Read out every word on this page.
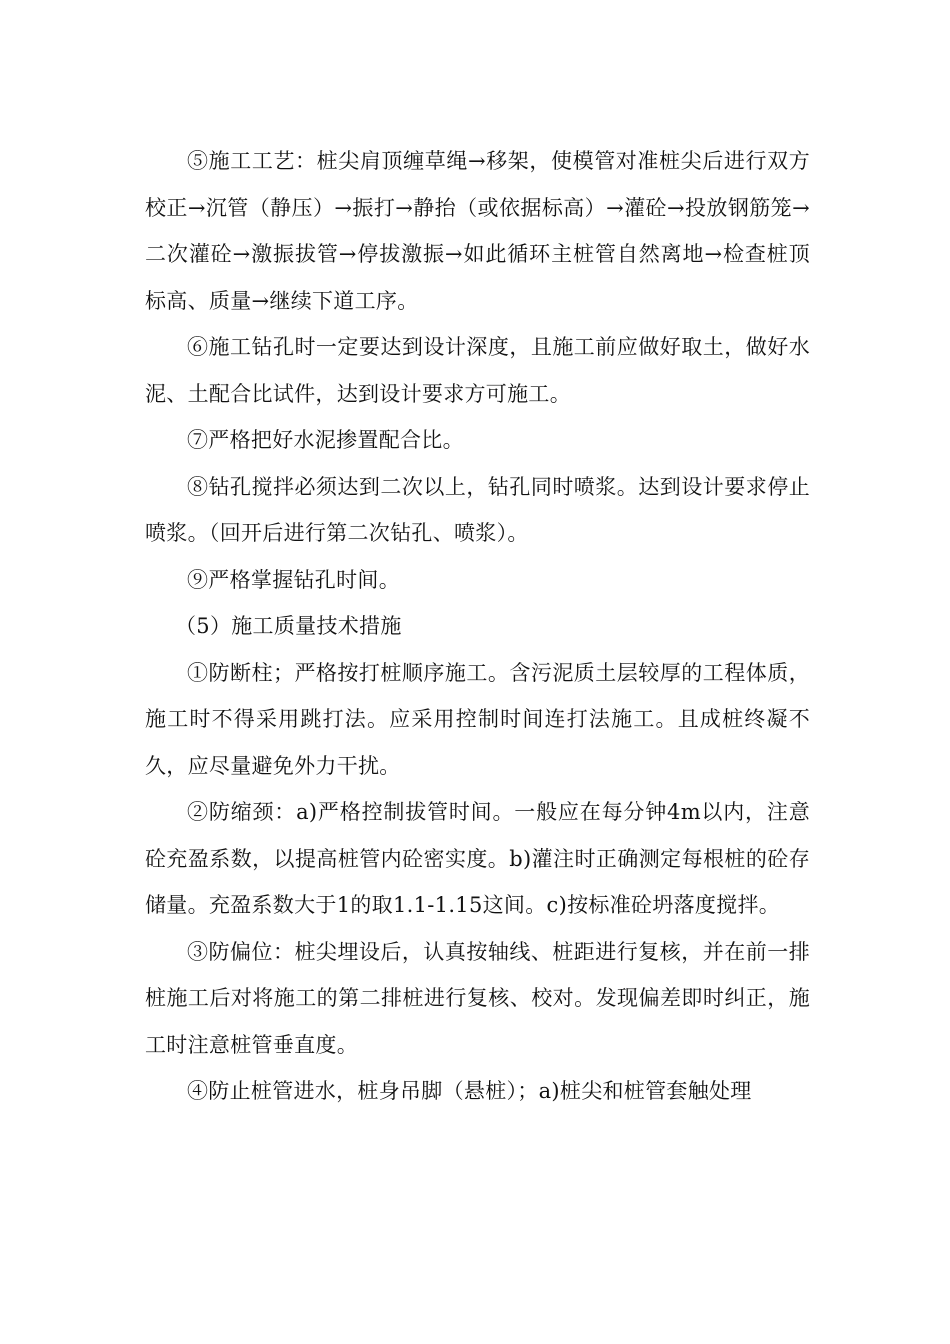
⑤施工工艺：桩尖肩顶缠草绳→移架，使模管对准桩尖后进行双方校正→沉管（静压）→振打→静抬（或依据标高）→灌砼→投放钢筋笼→二次灌砼→激振拔管→停拔激振→如此循环主桩管自然离地→检查桩顶标高、质量→继续下道工序。

⑥施工钻孔时一定要达到设计深度，且施工前应做好取土，做好水泥、土配合比试件，达到设计要求方可施工。

⑦严格把好水泥掺置配合比。

⑧钻孔搅拌必须达到二次以上，钻孔同时喷浆。达到设计要求停止喷浆。（回开后进行第二次钻孔、喷浆）。

⑨严格掌握钻孔时间。

（5）施工质量技术措施

①防断柱；严格按打桩顺序施工。含污泥质土层较厚的工程体质，施工时不得采用跳打法。应采用控制时间连打法施工。且成桩终凝不久，应尽量避免外力干扰。

②防缩颈：a)严格控制拔管时间。一般应在每分钟4m以内，注意砼充盈系数，以提高桩管内砼密实度。b)灌注时正确测定每根桩的砼存储量。充盈系数大于1的取1.1-1.15这间。c)按标准砼坍落度搅拌。

③防偏位：桩尖埋设后，认真按轴线、桩距进行复核，并在前一排桩施工后对将施工的第二排桩进行复核、校对。发现偏差即时纠正，施工时注意桩管垂直度。

④防止桩管进水，桩身吊脚（悬桩）；a)桩尖和桩管套触处理
